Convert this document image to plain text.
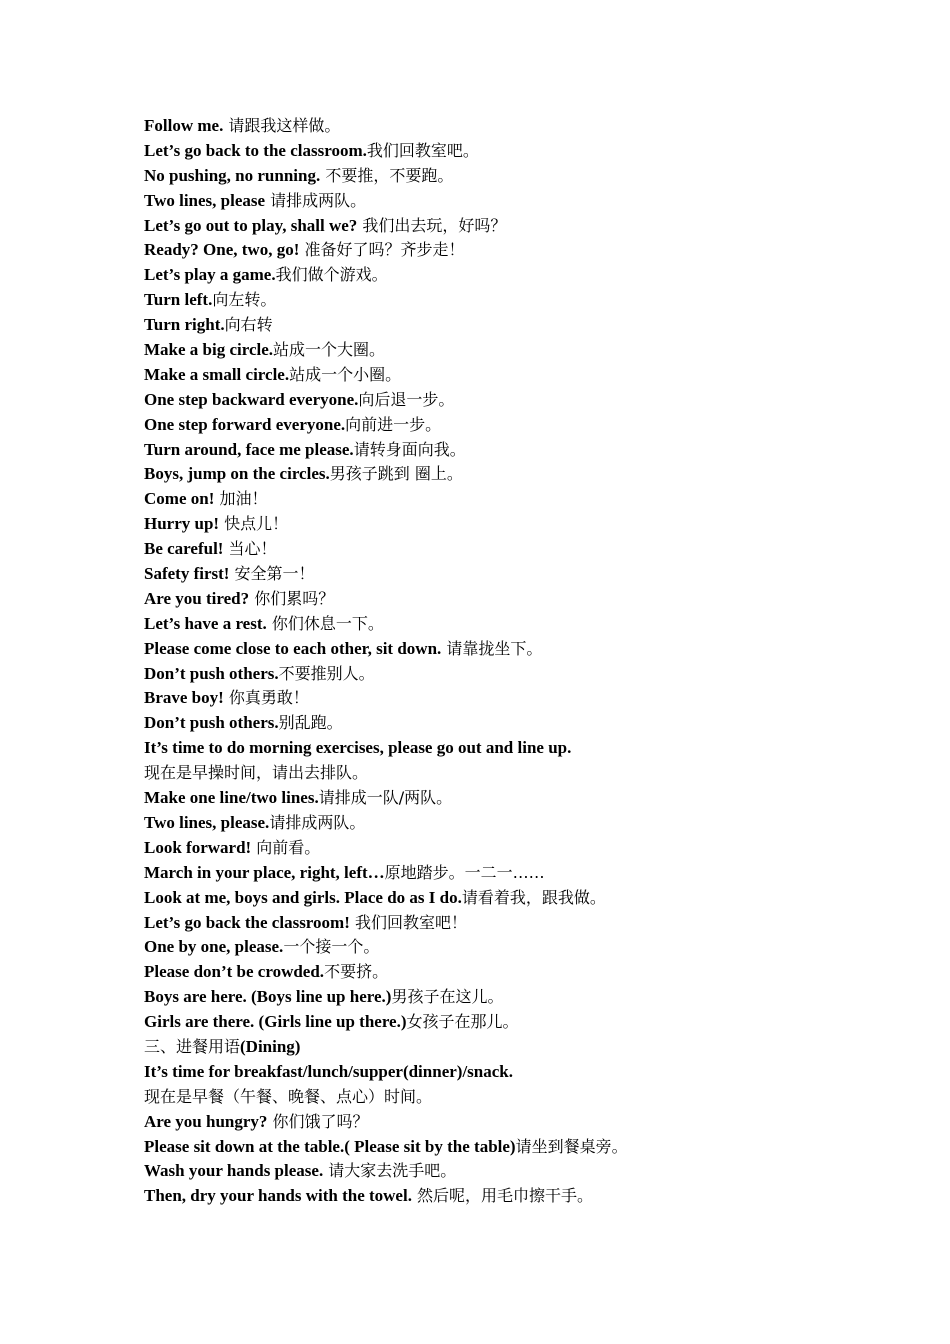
Follow me. 请跟我这样做。
Let’s go back to the classroom.我们回教室吧。
No pushing, no running. 不要推，不要跑。
Two lines, please 请排成两队。
Let’s go out to play, shall we? 我们出去玩，好吗？
Ready? One, two, go! 准备好了吗？齐步走！
Let’s play a game.我们做个游戏。
Turn left.向左转。
Turn right.向右转
Make a big circle.站成一个大圈。
Make a small circle.站成一个小圈。
One step backward everyone.向后退一步。
One step forward everyone.向前进一步。
Turn around, face me please.请转身面向我。
Boys, jump on the circles.男孩子跳到 圈上。
Come on! 加油！
Hurry up! 快点儿！
Be careful! 当心！
Safety first! 安全第一！
Are you tired? 你们累吗？
Let’s have a rest. 你们休息一下。
Please come close to each other, sit down. 请靠拢坐下。
Don’t push others.不要推别人。
Brave boy! 你真勇敢！
Don’t push others.别乱跑。
It’s time to do morning exercises, please go out and line up.
现在是早操时间，请出去排队。
Make one line/two lines.请排成一队/两队。
Two lines, please.请排成两队。
Look forward! 向前看。
March in your place, right, left…原地踏步。一二一……
Look at me, boys and girls. Place do as I do.请看着我，跟我做。
Let’s go back the classroom! 我们回教室吧！
One by one, please.一个接一个。
Please don’t be crowded.不要挤。
Boys are here. (Boys line up here.)男孩子在这儿。
Girls are there. (Girls line up there.)女孩子在那儿。
三、进餐用语(Dining)
It’s time for breakfast/lunch/supper(dinner)/snack.
现在是早餐（午餐、晚餐、点心）时间。
Are you hungry? 你们饿了吗？
Please sit down at the table.( Please sit by the table)请坐到餐桌旁。
Wash your hands please. 请大家去洗手吧。
Then, dry your hands with the towel. 然后呢，用毛巾擦干手。
